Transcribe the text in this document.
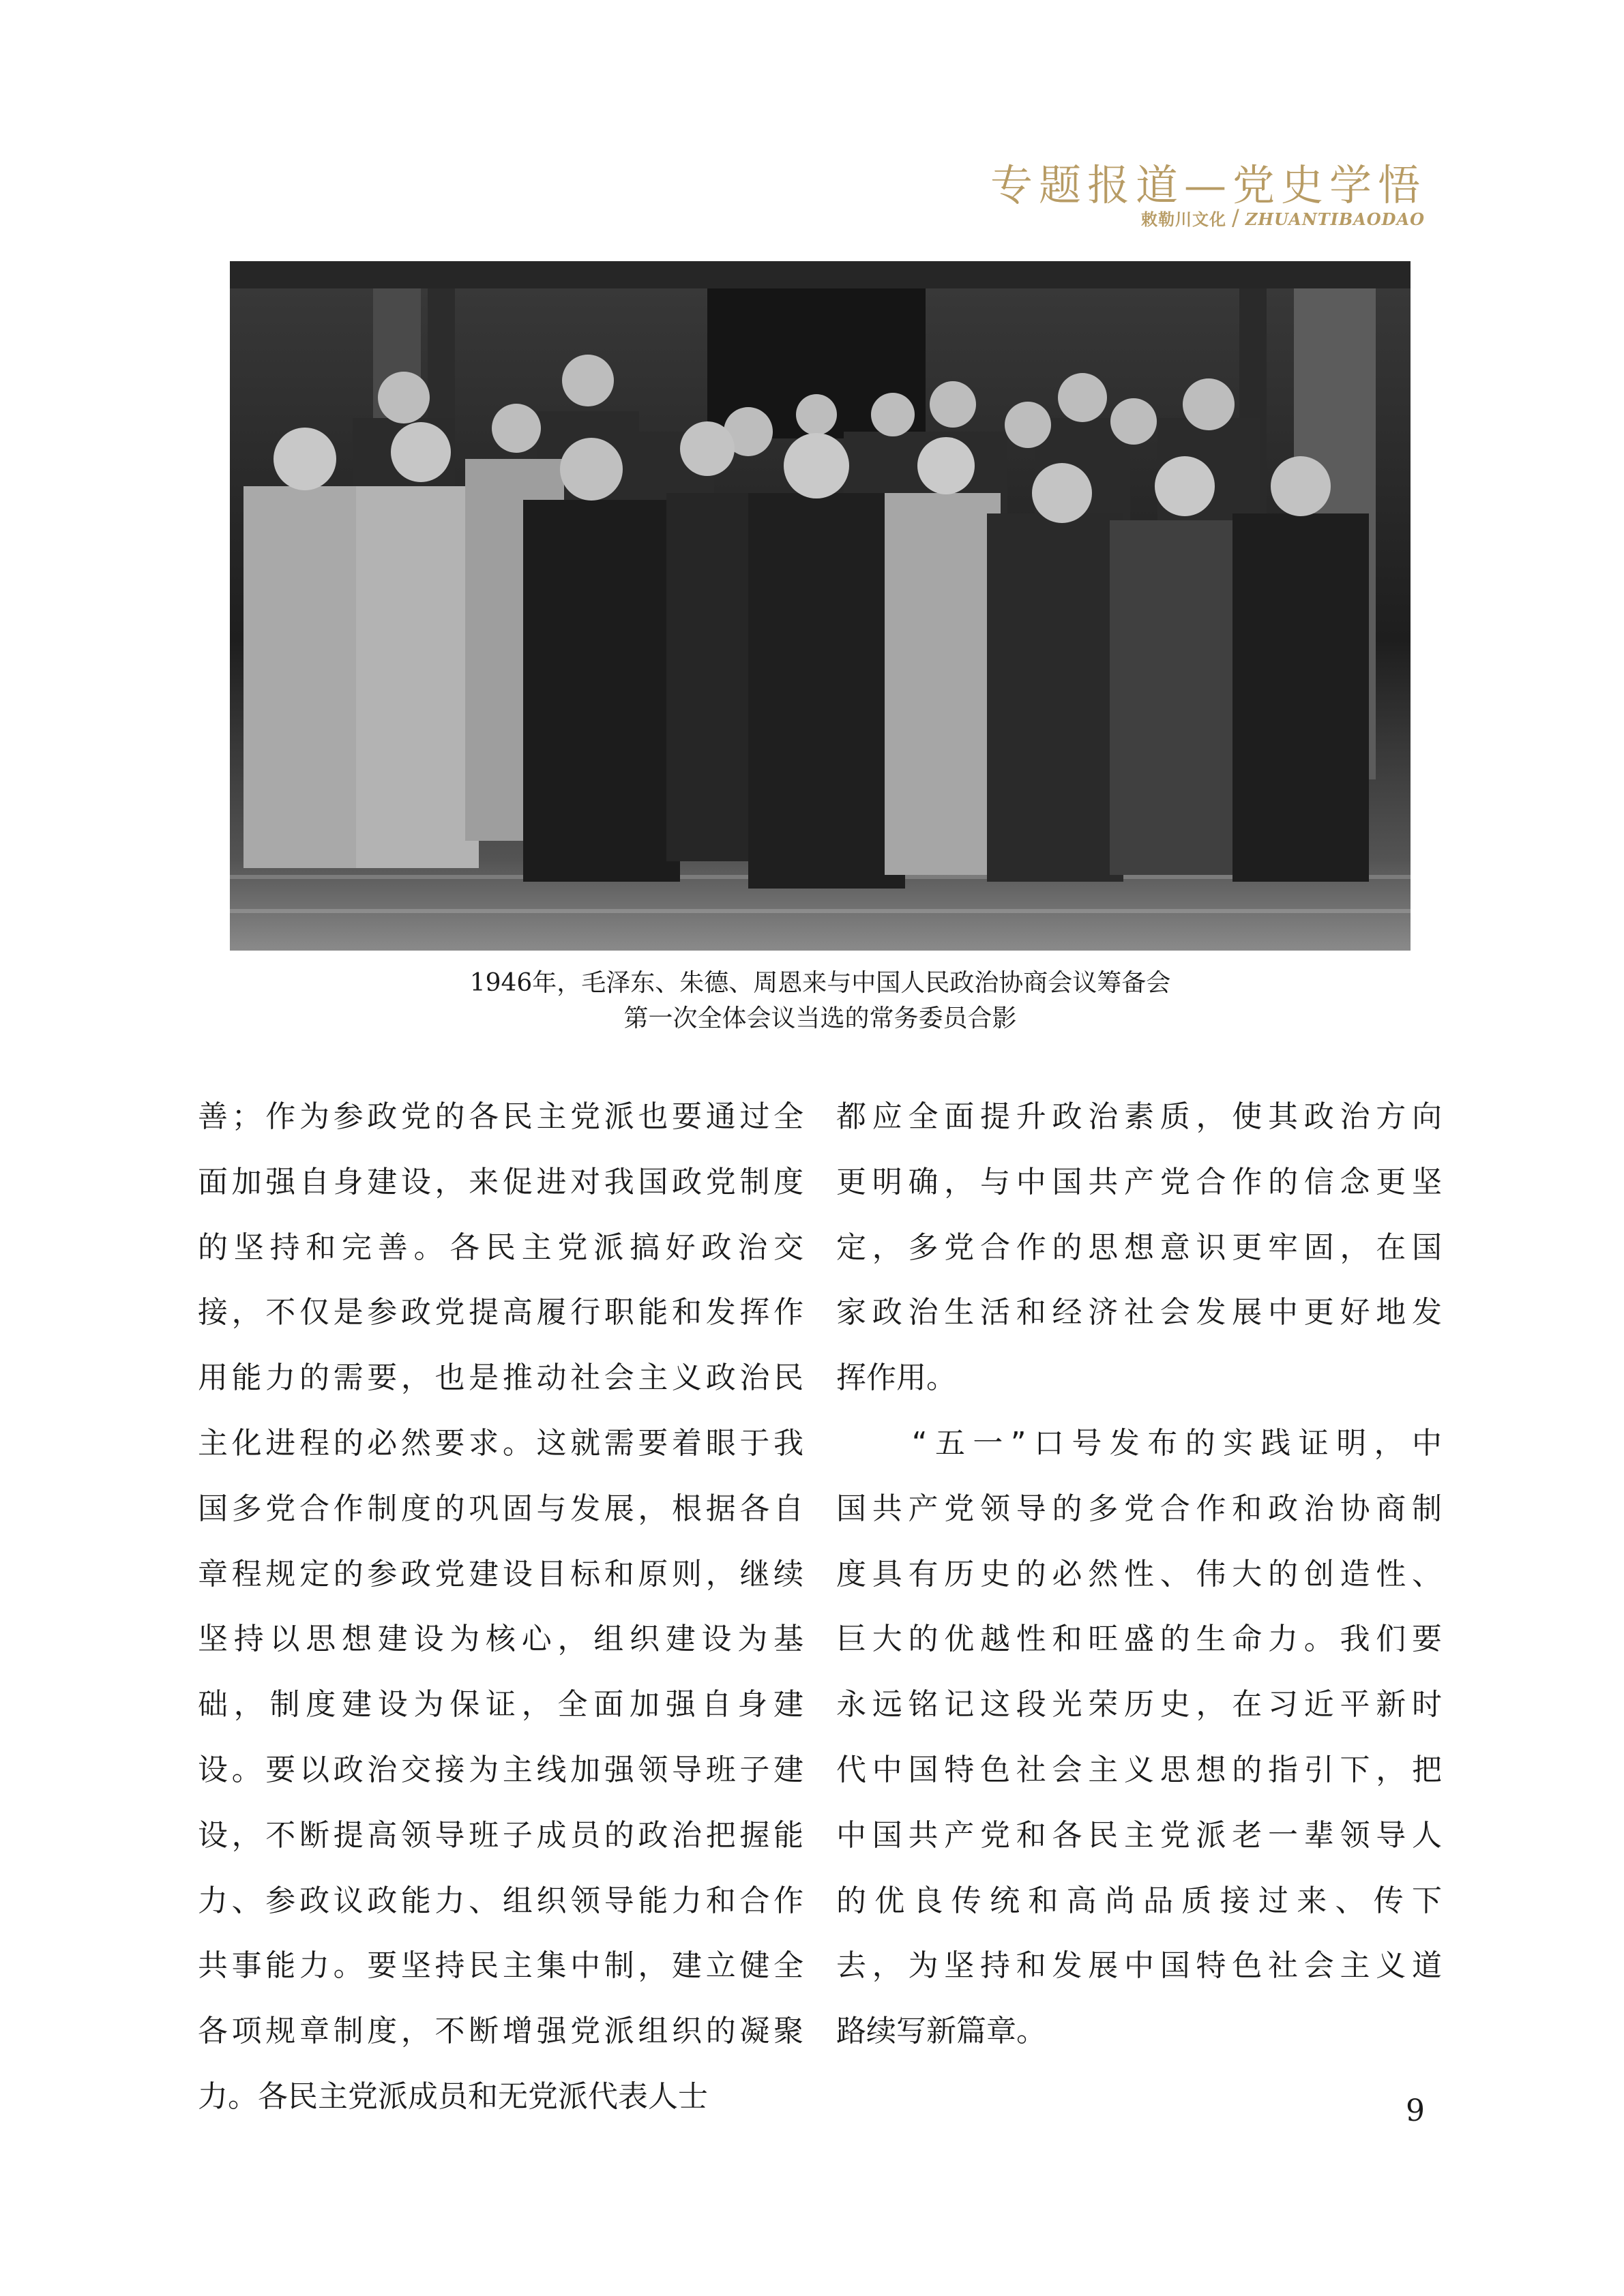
专题报道—党史学悟
敕勒川文化 / ZHUANTIBAODAO
1946年，毛泽东、朱德、周恩来与中国人民政治协商会议筹备会
第一次全体会议当选的常务委员合影
善；作为参政党的各民主党派也要通过全
面加强自身建设，来促进对我国政党制度
的坚持和完善。各民主党派搞好政治交
接，不仅是参政党提高履行职能和发挥作
用能力的需要，也是推动社会主义政治民
主化进程的必然要求。这就需要着眼于我
国多党合作制度的巩固与发展，根据各自
章程规定的参政党建设目标和原则，继续
坚持以思想建设为核心，组织建设为基
础，制度建设为保证，全面加强自身建
设。要以政治交接为主线加强领导班子建
设，不断提高领导班子成员的政治把握能
力、参政议政能力、组织领导能力和合作
共事能力。要坚持民主集中制，建立健全
各项规章制度，不断增强党派组织的凝聚
力。各民主党派成员和无党派代表人士
都应全面提升政治素质，使其政治方向
更明确，与中国共产党合作的信念更坚
定，多党合作的思想意识更牢固，在国
家政治生活和经济社会发展中更好地发
挥作用。
　　“五一”口号发布的实践证明，中
国共产党领导的多党合作和政治协商制
度具有历史的必然性、伟大的创造性、
巨大的优越性和旺盛的生命力。我们要
永远铭记这段光荣历史，在习近平新时
代中国特色社会主义思想的指引下，把
中国共产党和各民主党派老一辈领导人
的优良传统和高尚品质接过来、传下
去，为坚持和发展中国特色社会主义道
路续写新篇章。
9
